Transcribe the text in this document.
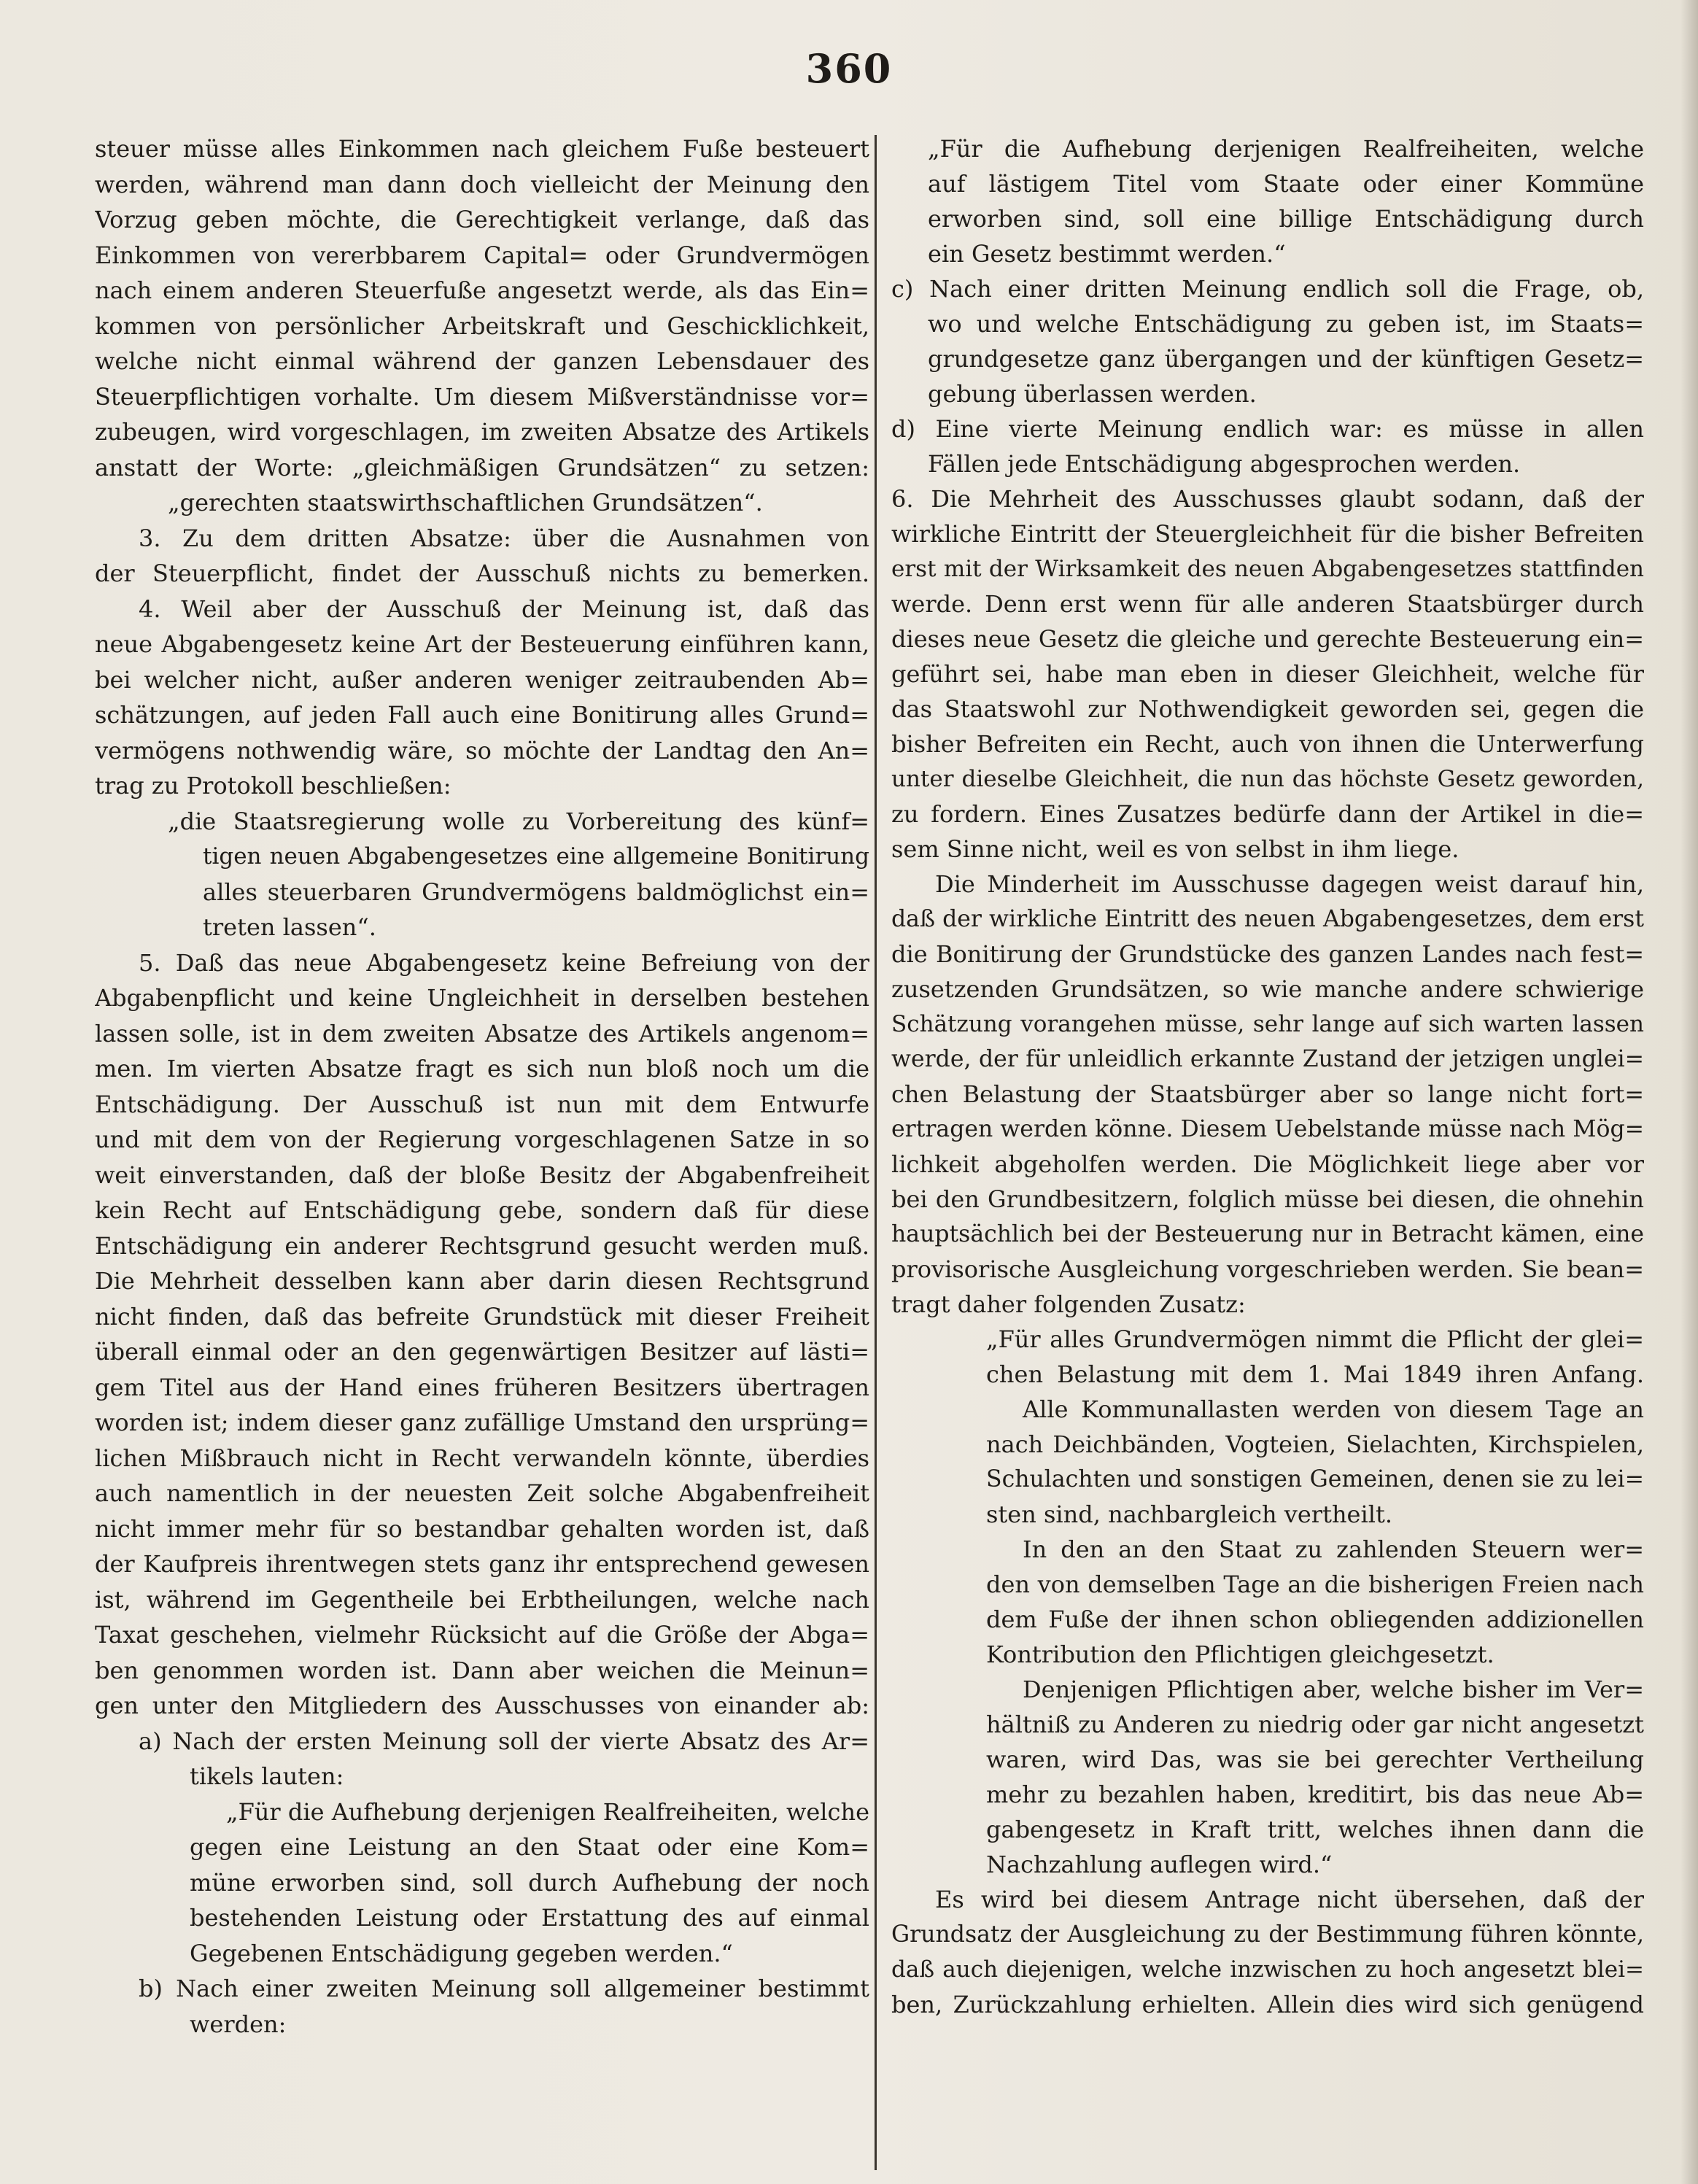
360
steuer müsse alles Einkommen nach gleichem Fuße besteuert
werden, während man dann doch vielleicht der Meinung den
Vorzug geben möchte, die Gerechtigkeit verlange, daß das
Einkommen von vererbbarem Capital= oder Grundvermögen
nach einem anderen Steuerfuße angesetzt werde, als das Ein=
kommen von persönlicher Arbeitskraft und Geschicklichkeit,
welche nicht einmal während der ganzen Lebensdauer des
Steuerpflichtigen vorhalte. Um diesem Mißverständnisse vor=
zubeugen, wird vorgeschlagen, im zweiten Absatze des Artikels
anstatt der Worte: „gleichmäßigen Grundsätzen“ zu setzen:
„gerechten staatswirthschaftlichen Grundsätzen“.
3. Zu dem dritten Absatze: über die Ausnahmen von
der Steuerpflicht, findet der Ausschuß nichts zu bemerken.
4. Weil aber der Ausschuß der Meinung ist, daß das
neue Abgabengesetz keine Art der Besteuerung einführen kann,
bei welcher nicht, außer anderen weniger zeitraubenden Ab=
schätzungen, auf jeden Fall auch eine Bonitirung alles Grund=
vermögens nothwendig wäre, so möchte der Landtag den An=
trag zu Protokoll beschließen:
„die Staatsregierung wolle zu Vorbereitung des künf=
tigen neuen Abgabengesetzes eine allgemeine Bonitirung
alles steuerbaren Grundvermögens baldmöglichst ein=
treten lassen“.
5. Daß das neue Abgabengesetz keine Befreiung von der
Abgabenpflicht und keine Ungleichheit in derselben bestehen
lassen solle, ist in dem zweiten Absatze des Artikels angenom=
men. Im vierten Absatze fragt es sich nun bloß noch um die
Entschädigung. Der Ausschuß ist nun mit dem Entwurfe
und mit dem von der Regierung vorgeschlagenen Satze in so
weit einverstanden, daß der bloße Besitz der Abgabenfreiheit
kein Recht auf Entschädigung gebe, sondern daß für diese
Entschädigung ein anderer Rechtsgrund gesucht werden muß.
Die Mehrheit desselben kann aber darin diesen Rechtsgrund
nicht finden, daß das befreite Grundstück mit dieser Freiheit
überall einmal oder an den gegenwärtigen Besitzer auf lästi=
gem Titel aus der Hand eines früheren Besitzers übertragen
worden ist; indem dieser ganz zufällige Umstand den ursprüng=
lichen Mißbrauch nicht in Recht verwandeln könnte, überdies
auch namentlich in der neuesten Zeit solche Abgabenfreiheit
nicht immer mehr für so bestandbar gehalten worden ist, daß
der Kaufpreis ihrentwegen stets ganz ihr entsprechend gewesen
ist, während im Gegentheile bei Erbtheilungen, welche nach
Taxat geschehen, vielmehr Rücksicht auf die Größe der Abga=
ben genommen worden ist. Dann aber weichen die Meinun=
gen unter den Mitgliedern des Ausschusses von einander ab:
a) Nach der ersten Meinung soll der vierte Absatz des Ar=
tikels lauten:
„Für die Aufhebung derjenigen Realfreiheiten, welche
gegen eine Leistung an den Staat oder eine Kom=
müne erworben sind, soll durch Aufhebung der noch
bestehenden Leistung oder Erstattung des auf einmal
Gegebenen Entschädigung gegeben werden.“
b) Nach einer zweiten Meinung soll allgemeiner bestimmt
werden:
„Für die Aufhebung derjenigen Realfreiheiten, welche
auf lästigem Titel vom Staate oder einer Kommüne
erworben sind, soll eine billige Entschädigung durch
ein Gesetz bestimmt werden.“
c) Nach einer dritten Meinung endlich soll die Frage, ob,
wo und welche Entschädigung zu geben ist, im Staats=
grundgesetze ganz übergangen und der künftigen Gesetz=
gebung überlassen werden.
d) Eine vierte Meinung endlich war: es müsse in allen
Fällen jede Entschädigung abgesprochen werden.
6. Die Mehrheit des Ausschusses glaubt sodann, daß der
wirkliche Eintritt der Steuergleichheit für die bisher Befreiten
erst mit der Wirksamkeit des neuen Abgabengesetzes stattfinden
werde. Denn erst wenn für alle anderen Staatsbürger durch
dieses neue Gesetz die gleiche und gerechte Besteuerung ein=
geführt sei, habe man eben in dieser Gleichheit, welche für
das Staatswohl zur Nothwendigkeit geworden sei, gegen die
bisher Befreiten ein Recht, auch von ihnen die Unterwerfung
unter dieselbe Gleichheit, die nun das höchste Gesetz geworden,
zu fordern. Eines Zusatzes bedürfe dann der Artikel in die=
sem Sinne nicht, weil es von selbst in ihm liege.
Die Minderheit im Ausschusse dagegen weist darauf hin,
daß der wirkliche Eintritt des neuen Abgabengesetzes, dem erst
die Bonitirung der Grundstücke des ganzen Landes nach fest=
zusetzenden Grundsätzen, so wie manche andere schwierige
Schätzung vorangehen müsse, sehr lange auf sich warten lassen
werde, der für unleidlich erkannte Zustand der jetzigen unglei=
chen Belastung der Staatsbürger aber so lange nicht fort=
ertragen werden könne. Diesem Uebelstande müsse nach Mög=
lichkeit abgeholfen werden. Die Möglichkeit liege aber vor
bei den Grundbesitzern, folglich müsse bei diesen, die ohnehin
hauptsächlich bei der Besteuerung nur in Betracht kämen, eine
provisorische Ausgleichung vorgeschrieben werden. Sie bean=
tragt daher folgenden Zusatz:
„Für alles Grundvermögen nimmt die Pflicht der glei=
chen Belastung mit dem 1. Mai 1849 ihren Anfang.
Alle Kommunallasten werden von diesem Tage an
nach Deichbänden, Vogteien, Sielachten, Kirchspielen,
Schulachten und sonstigen Gemeinen, denen sie zu lei=
sten sind, nachbargleich vertheilt.
In den an den Staat zu zahlenden Steuern wer=
den von demselben Tage an die bisherigen Freien nach
dem Fuße der ihnen schon obliegenden addizionellen
Kontribution den Pflichtigen gleichgesetzt.
Denjenigen Pflichtigen aber, welche bisher im Ver=
hältniß zu Anderen zu niedrig oder gar nicht angesetzt
waren, wird Das, was sie bei gerechter Vertheilung
mehr zu bezahlen haben, kreditirt, bis das neue Ab=
gabengesetz in Kraft tritt, welches ihnen dann die
Nachzahlung auflegen wird.“
Es wird bei diesem Antrage nicht übersehen, daß der
Grundsatz der Ausgleichung zu der Bestimmung führen könnte,
daß auch diejenigen, welche inzwischen zu hoch angesetzt blei=
ben, Zurückzahlung erhielten. Allein dies wird sich genügend
